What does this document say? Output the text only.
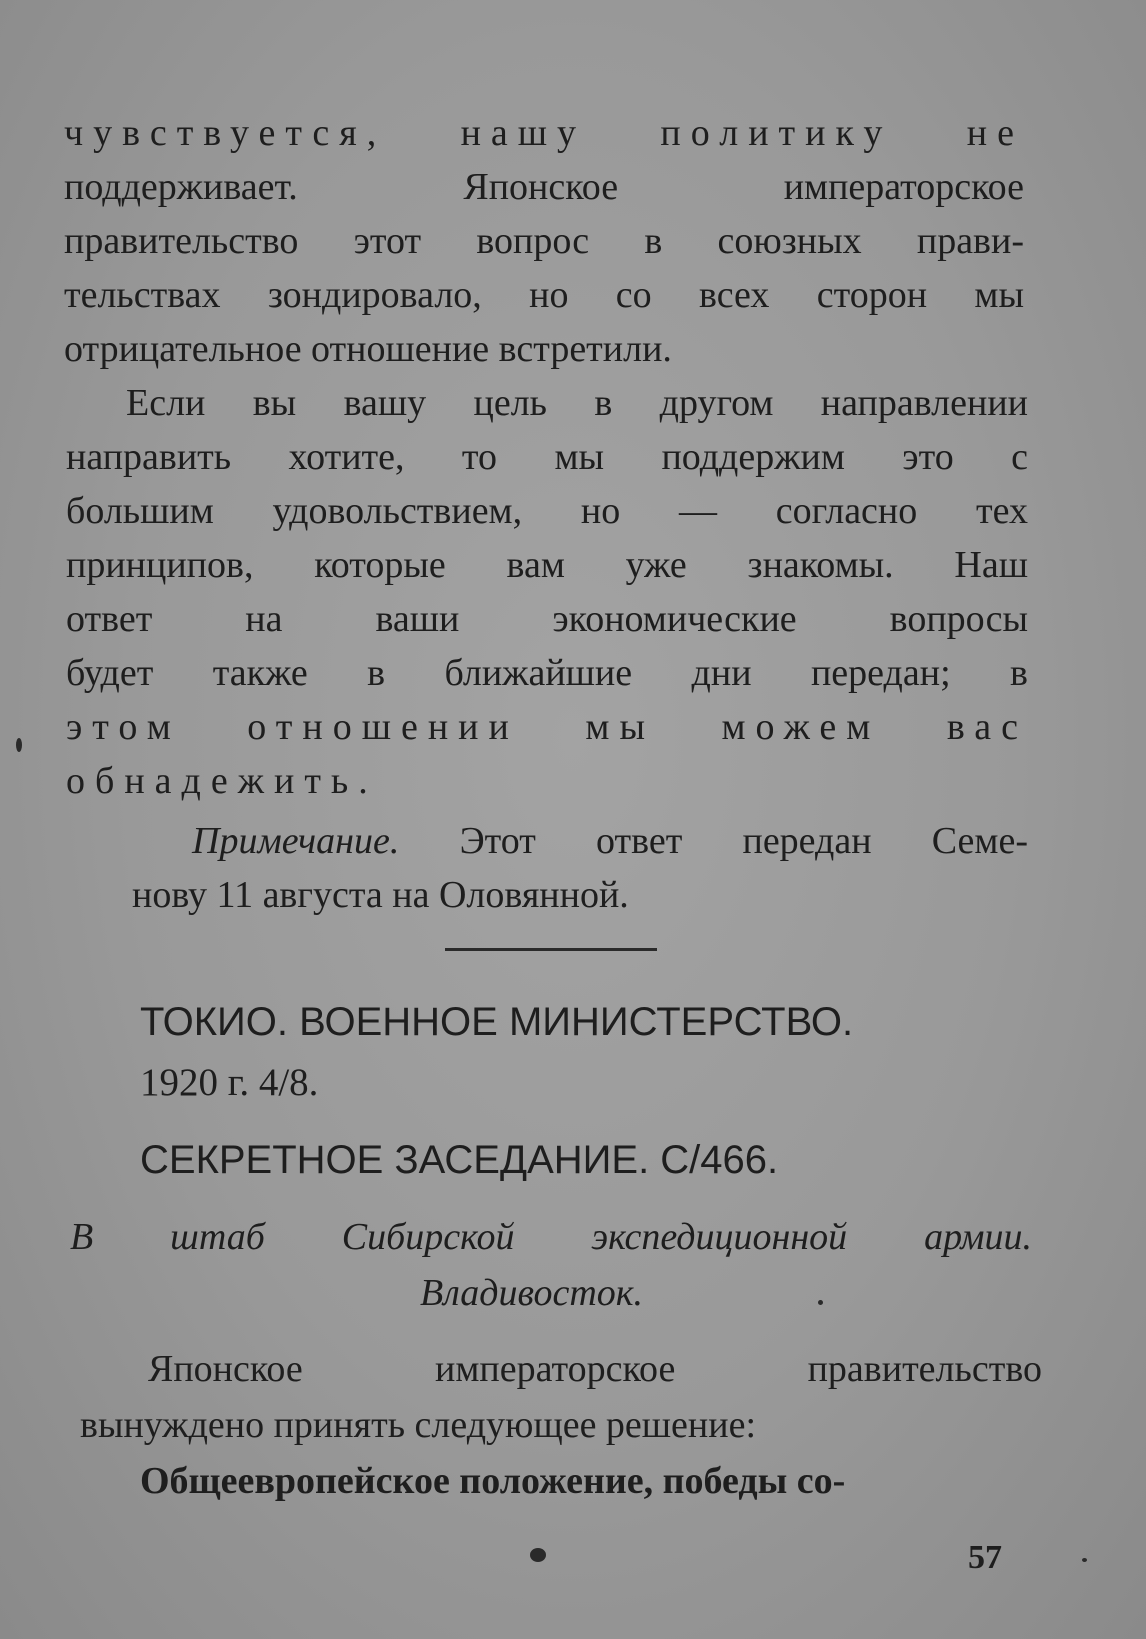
чувствуется, нашу политику не
поддерживает. Японское императорское
правительство этот вопрос в союзных прави-
тельствах зондировало, но со всех сторон мы
отрицательное отношение встретили.
Если вы вашу цель в другом направлении
направить хотите, то мы поддержим это с
большим удовольствием, но — согласно тех
принципов, которые вам уже знакомы. Наш
ответ на ваши экономические вопросы
будет также в ближайшие дни передан; в
этом отношении мы можем вас
обнадежить.
Примечание. Этот ответ передан Семе-
нову 11 августа на Оловянной.
ТОКИО. ВОЕННОЕ МИНИСТЕРСТВО.
1920 г. 4/8.
СЕКРЕТНОЕ ЗАСЕДАНИЕ. С/466.
В штаб Сибирской экспедиционной армии.
Владивосток.
Японское императорское правительство
вынуждено принять следующее решение:
Общеевропейское положение, победы со-
57
